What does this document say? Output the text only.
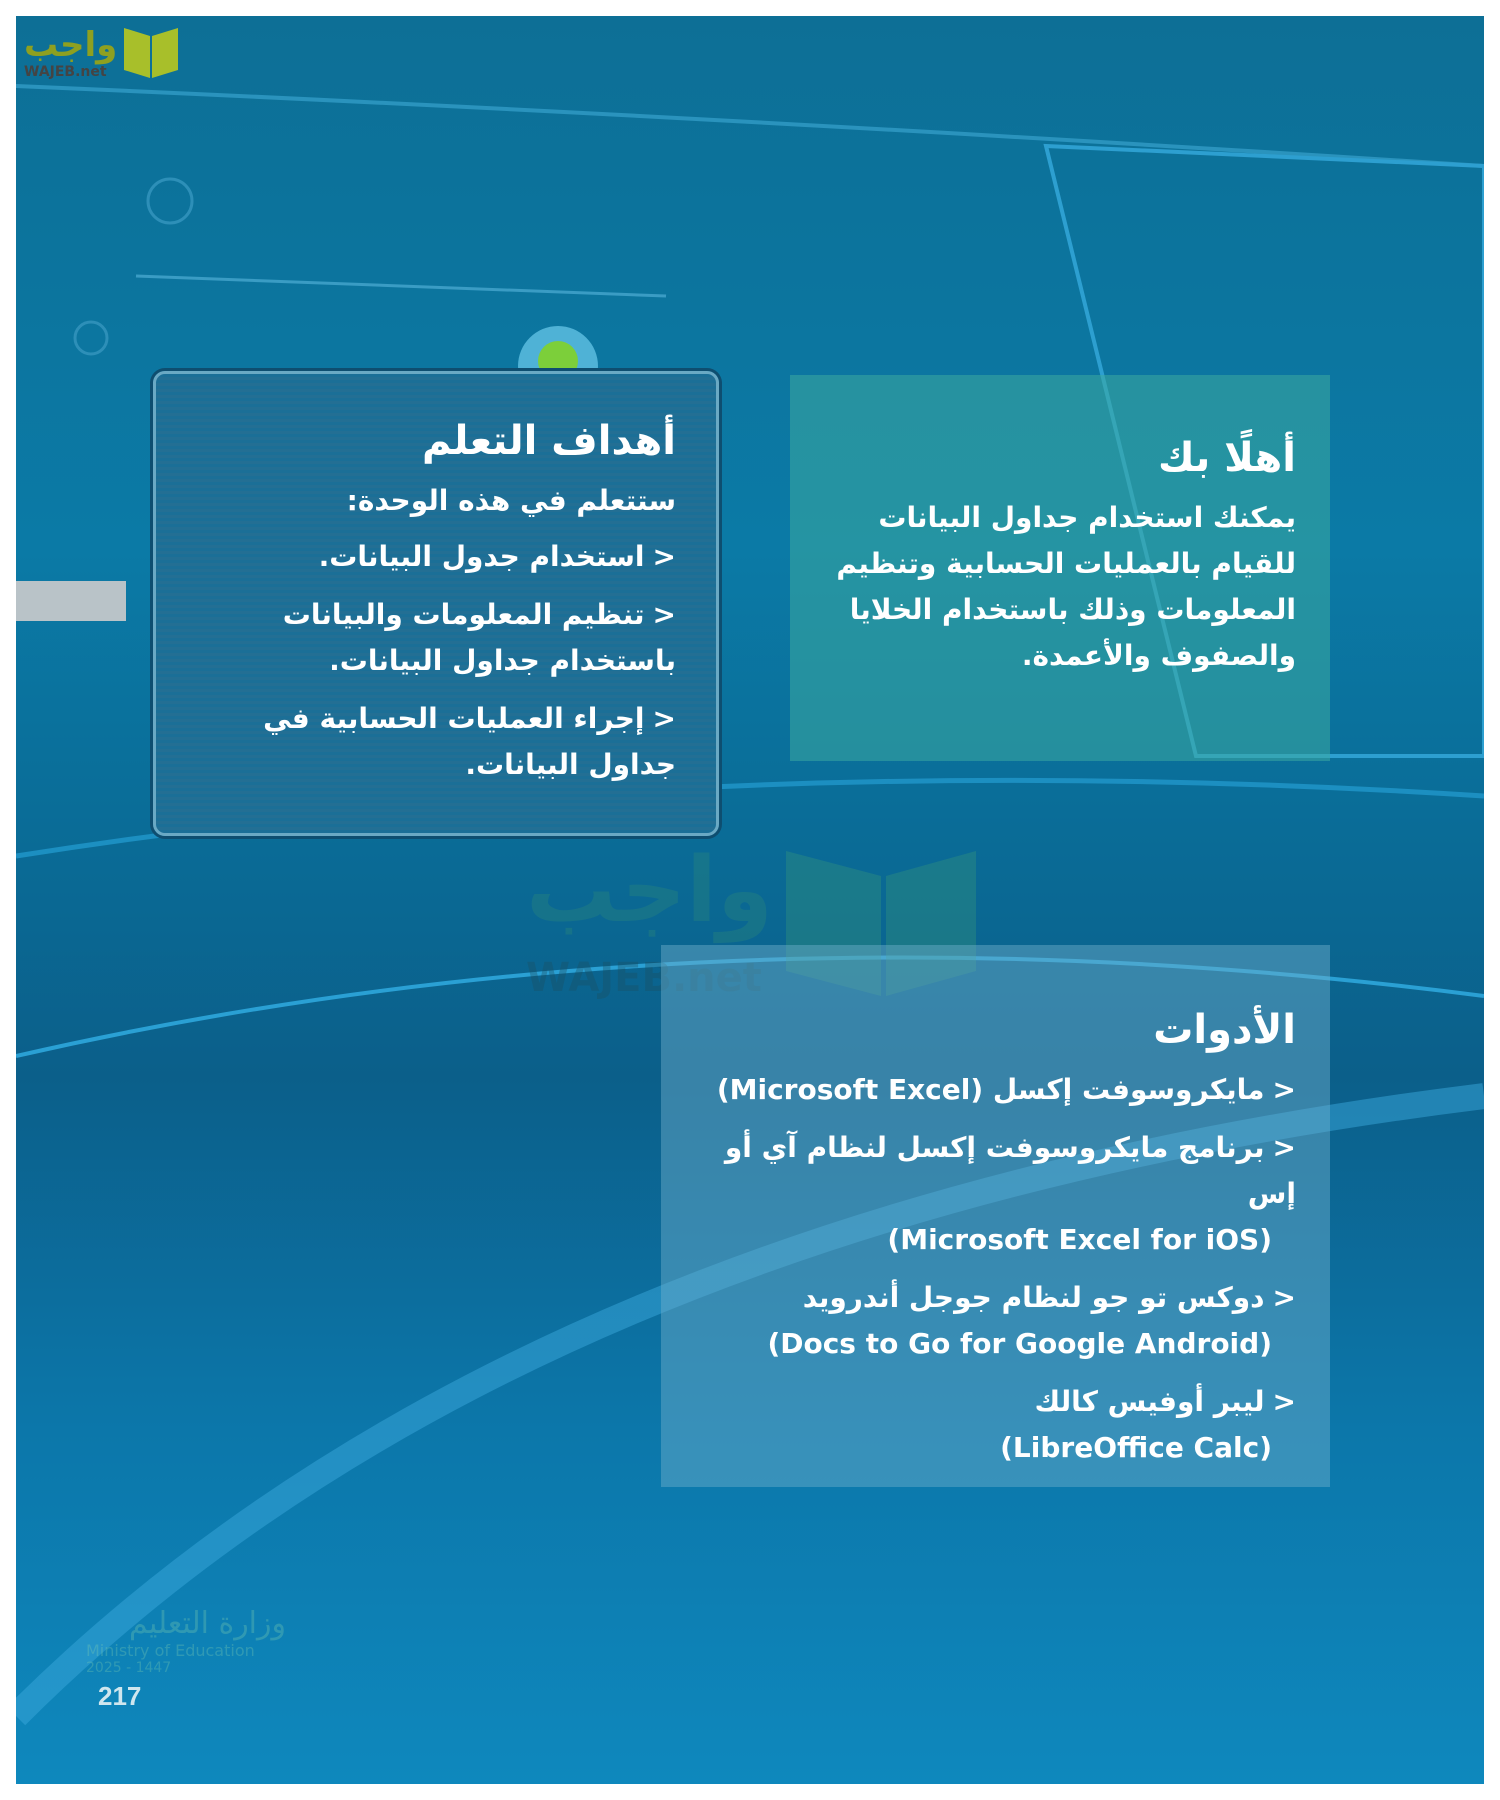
واجب
WAJEB.net
واجب
WAJEB.net
أهداف التعلم

ستتعلم في هذه الوحدة:

<استخدام جدول البيانات.
<تنظيم المعلومات والبيانات باستخدام جداول البيانات.
<إجراء العمليات الحسابية في جداول البيانات.
أهلًا بك

يمكنك استخدام جداول البيانات للقيام بالعمليات الحسابية وتنظيم المعلومات وذلك باستخدام الخلايا والصفوف والأعمدة.

الأدوات
<مايكروسوفت إكسل (Microsoft Excel)
<برنامج مايكروسوفت إكسل لنظام آي أو إس
(Microsoft Excel for iOS)
<دوكس تو جو لنظام جوجل أندرويد
(Docs to Go for Google Android)
<ليبر أوفيس كالك
(LibreOffice Calc)
وزارة التعليم
Ministry of Education
2025 - 1447
217
